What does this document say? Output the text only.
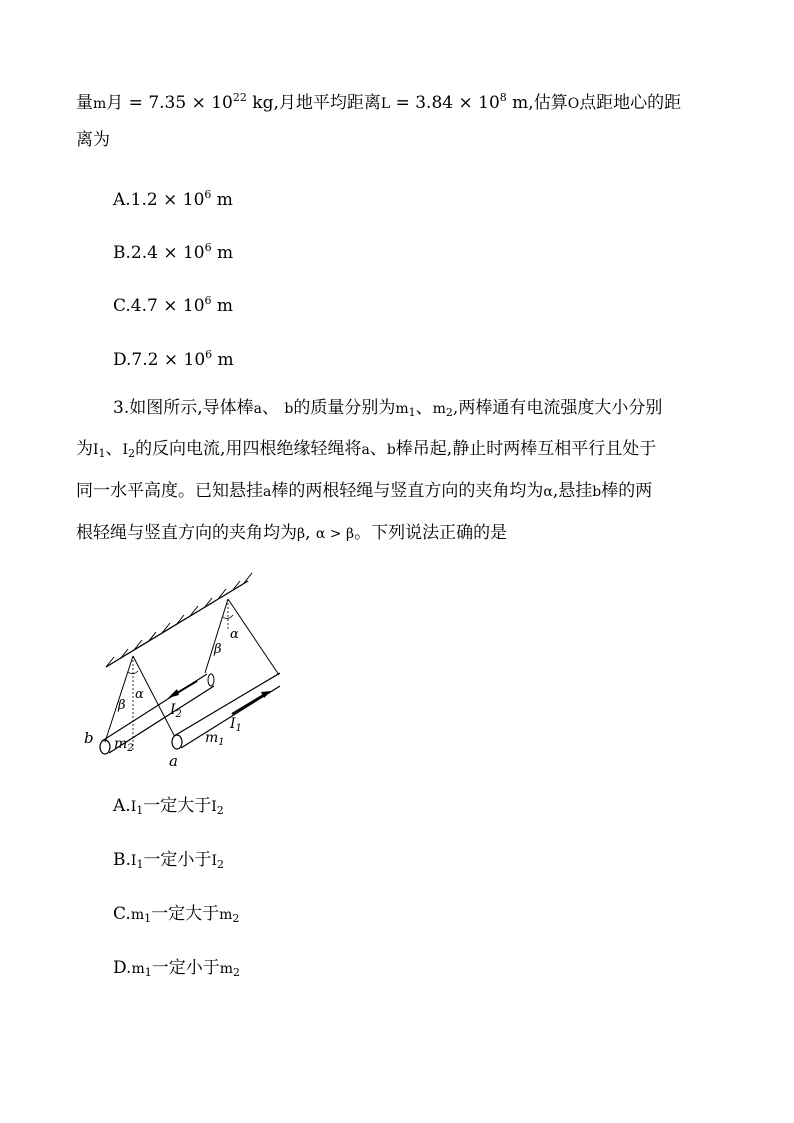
量m月 = $7.35 \times 10^{22}$ kg,月地平均距离$L = 3.84 \times 10^8$ m,估算O点距地心的距
离为
$A.1.2 \times 10^6$ m
$B.2.4 \times 10^6$ m
$C.4.7 \times 10^6$ m
$D.7.2 \times 10^6$ m
3.如图所示,导体棒a、 b的质量分别为$m_1$、$m_2$,两棒通有电流强度大小分别
为$I_1$、$I_2$的反向电流,用四根绝缘轻绳将a、b棒吊起,静止时两棒互相平行且处于
同一水平高度。已知悬挂a棒的两根轻绳与竖直方向的夹角均为α,悬挂b棒的两
根轻绳与竖直方向的夹角均为β, α > β。下列说法正确的是
α
β
α
β
$I_2$
$I_1$
$m_2$
$m_1$
b
a
$A.I_1$一定大于$I_2$
$B.I_1$一定小于$I_2$
$C.m_1$一定大于$m_2$
$D.m_1$一定小于$m_2$
